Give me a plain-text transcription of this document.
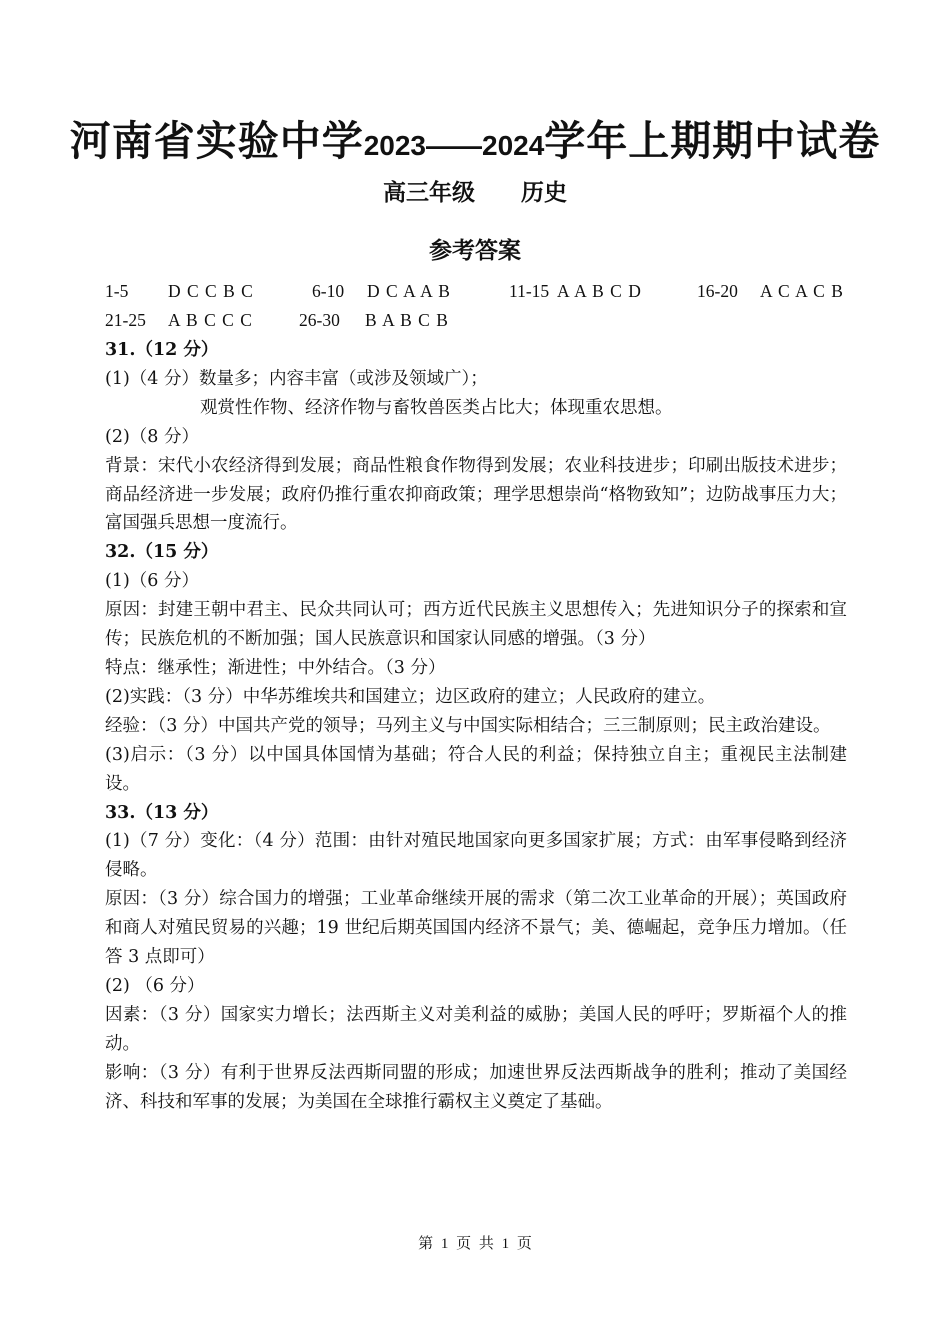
河南省实验中学2023——2024学年上期期中试卷
高三年级　　历史
参考答案
1-5 D C C B C	6-10 D C A A B	11-15 A A B C D	16-20 A C A C B
21-25 A B C C C	26-30 B A B C B
31.（12 分）
(1)（4 分）数量多；内容丰富（或涉及领域广）；
观赏性作物、经济作物与畜牧兽医类占比大；体现重农思想。
(2)（8 分）
背景：宋代小农经济得到发展；商品性粮食作物得到发展；农业科技进步；印刷出版技术进步；商品经济进一步发展；政府仍推行重农抑商政策；理学思想崇尚“格物致知”；边防战事压力大；富国强兵思想一度流行。
32.（15 分）
(1)（6 分）
原因：封建王朝中君主、民众共同认可；西方近代民族主义思想传入；先进知识分子的探索和宣传；民族危机的不断加强；国人民族意识和国家认同感的增强。（3 分）
特点：继承性；渐进性；中外结合。（3 分）
(2)实践：（3 分）中华苏维埃共和国建立；边区政府的建立；人民政府的建立。
经验：（3 分）中国共产党的领导；马列主义与中国实际相结合；三三制原则；民主政治建设。
(3)启示：（3 分）以中国具体国情为基础；符合人民的利益；保持独立自主；重视民主法制建设。
33.（13 分）
(1)（7 分）变化：（4 分）范围：由针对殖民地国家向更多国家扩展；方式：由军事侵略到经济侵略。
原因：（3 分）综合国力的增强；工业革命继续开展的需求（第二次工业革命的开展）；英国政府和商人对殖民贸易的兴趣；19 世纪后期英国国内经济不景气；美、德崛起，竞争压力增加。（任答 3 点即可）
(2) （6 分）
因素：（3 分）国家实力增长；法西斯主义对美利益的威胁；美国人民的呼吁；罗斯福个人的推动。
影响：（3 分）有利于世界反法西斯同盟的形成；加速世界反法西斯战争的胜利；推动了美国经济、科技和军事的发展；为美国在全球推行霸权主义奠定了基础。
第 1 页 共 1 页
